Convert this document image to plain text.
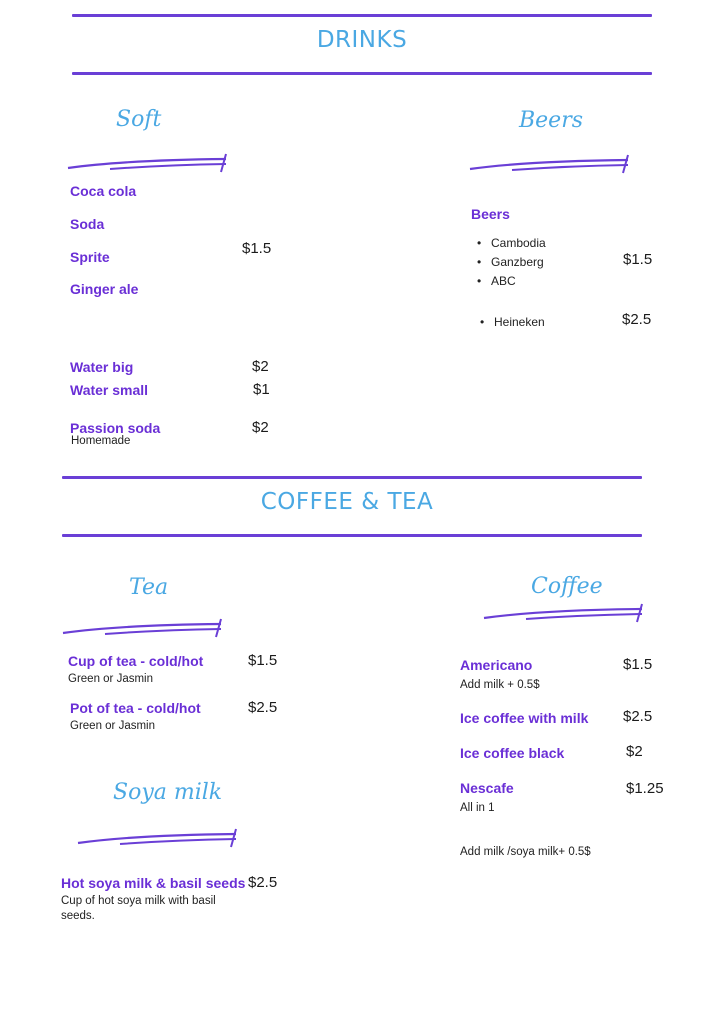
DRINKS
Soft
Coca cola
Soda
Sprite
Ginger ale
$1.5
Water big	$2
Water small	$1
Passion soda	$2
Homemade
Beers
Beers
• Cambodia
• Ganzberg
• ABC
$1.5
• Heineken	$2.5
COFFEE & TEA
Tea
Cup of tea - cold/hot	$1.5
Green or Jasmin
Pot of tea - cold/hot	$2.5
Green or Jasmin
Soya milk
Hot soya milk & basil seeds $2.5
Cup of hot soya milk with basil seeds.
Coffee
Americano	$1.5
Add milk + 0.5$
Ice coffee with milk $2.5
Ice coffee black	$2
Nescafe	$1.25
All in 1
Add milk /soya milk+ 0.5$
